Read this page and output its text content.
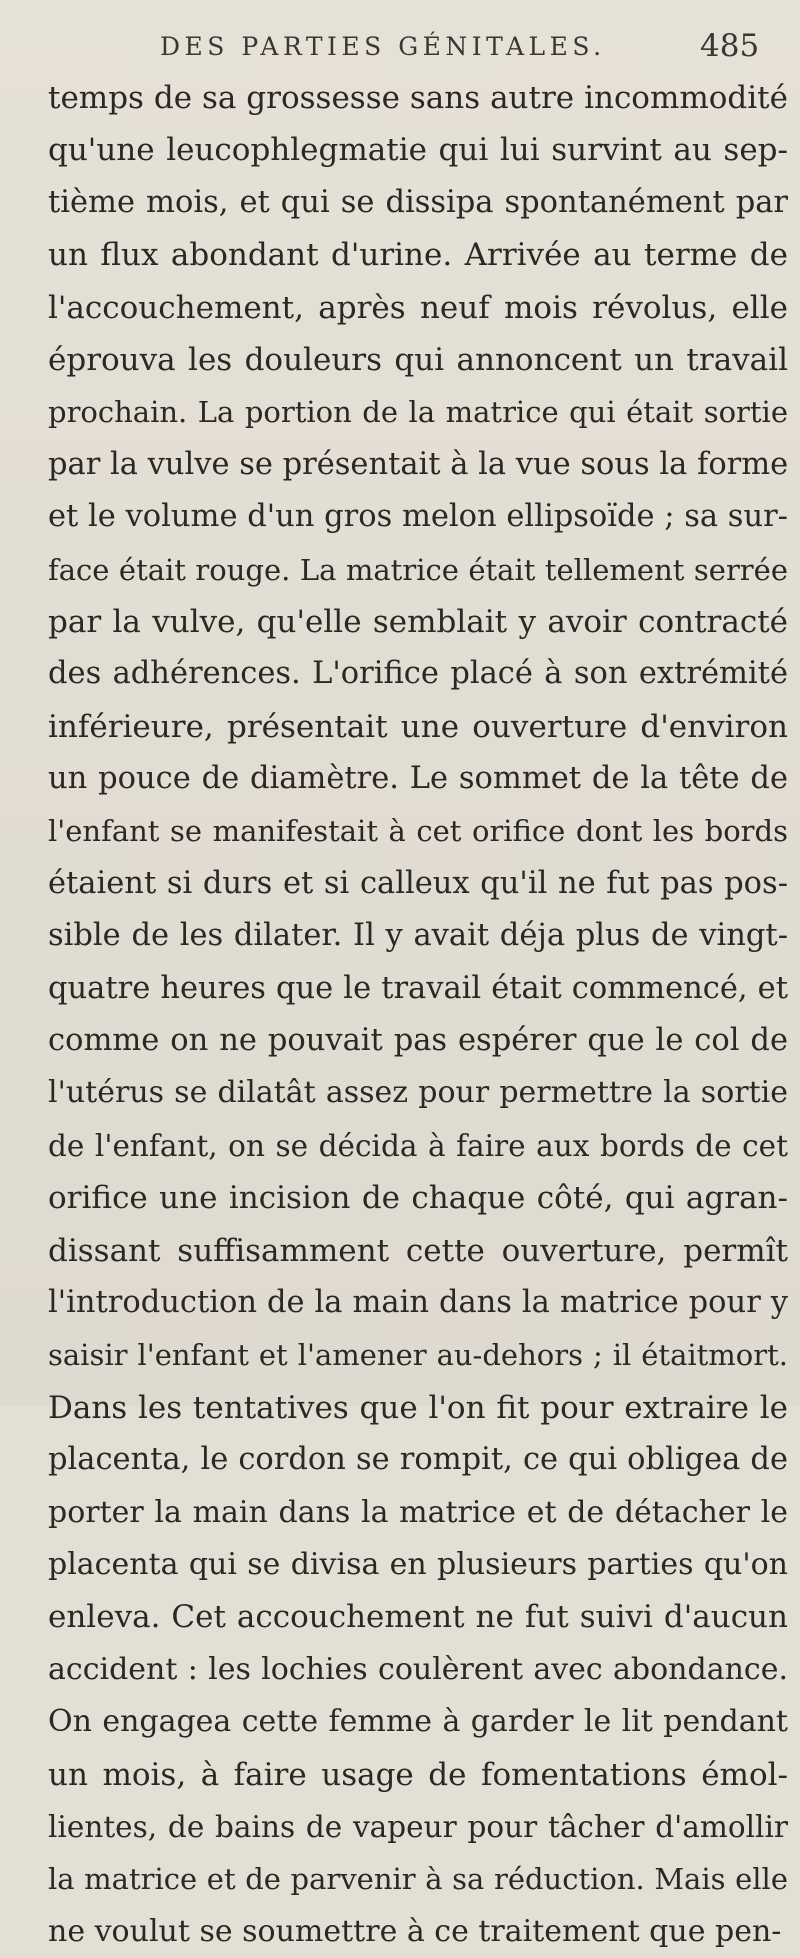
DES PARTIES GÉNITALES.	485
temps de sa grossesse sans autre incommodité
qu'une leucophlegmatie qui lui survint au sep-
tième mois, et qui se dissipa spontanément par
un flux abondant d'urine. Arrivée au terme de
l'accouchement, après neuf mois révolus, elle
éprouva les douleurs qui annoncent un travail
prochain. La portion de la matrice qui était sortie
par la vulve se présentait à la vue sous la forme
et le volume d'un gros melon ellipsoïde ; sa sur-
face était rouge. La matrice était tellement serrée
par la vulve, qu'elle semblait y avoir contracté
des adhérences. L'orifice placé à son extrémité
inférieure, présentait une ouverture d'environ
un pouce de diamètre. Le sommet de la tête de
l'enfant se manifestait à cet orifice dont les bords
étaient si durs et si calleux qu'il ne fut pas pos-
sible de les dilater. Il y avait déja plus de vingt-
quatre heures que le travail était commencé, et
comme on ne pouvait pas espérer que le col de
l'utérus se dilatât assez pour permettre la sortie
de l'enfant, on se décida à faire aux bords de cet
orifice une incision de chaque côté, qui agran-
dissant suffisamment cette ouverture, permît
l'introduction de la main dans la matrice pour y
saisir l'enfant et l'amener au-dehors ; il étaitmort.
Dans les tentatives que l'on fit pour extraire le
placenta, le cordon se rompit, ce qui obligea de
porter la main dans la matrice et de détacher le
placenta qui se divisa en plusieurs parties qu'on
enleva. Cet accouchement ne fut suivi d'aucun
accident : les lochies coulèrent avec abondance.
On engagea cette femme à garder le lit pendant
un mois, à faire usage de fomentations émol-
lientes, de bains de vapeur pour tâcher d'amollir
la matrice et de parvenir à sa réduction. Mais elle
ne voulut se soumettre à ce traitement que pen-
